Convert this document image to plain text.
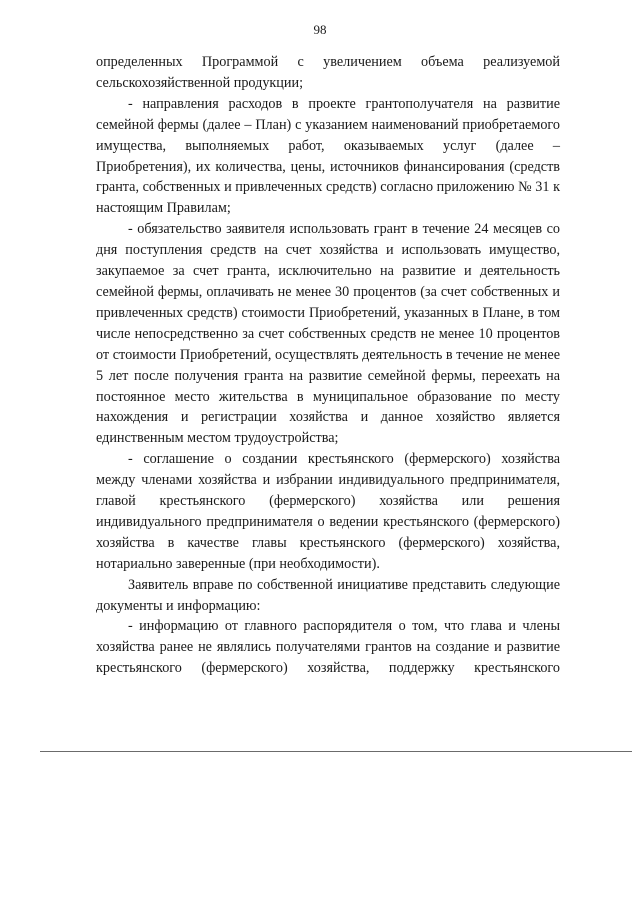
98

определенных Программой с увеличением объема реализуемой сельскохозяйственной продукции;

- направления расходов в проекте грантополучателя на развитие семейной фермы (далее – План) с указанием наименований приобретаемого имущества, выполняемых работ, оказываемых услуг (далее – Приобретения), их количества, цены, источников финансирования (средств гранта, собственных и привлеченных средств) согласно приложению № 31 к настоящим Правилам;

- обязательство заявителя использовать грант в течение 24 месяцев со дня поступления средств на счет хозяйства и использовать имущество, закупаемое за счет гранта, исключительно на развитие и деятельность семейной фермы, оплачивать не менее 30 процентов (за счет собственных и привлеченных средств) стоимости Приобретений, указанных в Плане, в том числе непосредственно за счет собственных средств не менее 10 процентов от стоимости Приобретений, осуществлять деятельность в течение не менее 5 лет после получения гранта на развитие семейной фермы, переехать на постоянное место жительства в муниципальное образование по месту нахождения и регистрации хозяйства и данное хозяйство является единственным местом трудоустройства;

- соглашение о создании крестьянского (фермерского) хозяйства между членами хозяйства и избрании индивидуального предпринимателя, главой крестьянского (фермерского) хозяйства или решения индивидуального предпринимателя о ведении крестьянского (фермерского) хозяйства в качестве главы крестьянского (фермерского) хозяйства, нотариально заверенные (при необходимости).

Заявитель вправе по собственной инициативе представить следующие документы и информацию:

- информацию от главного распорядителя о том, что глава и члены хозяйства ранее не являлись получателями грантов на создание и развитие крестьянского (фермерского) хозяйства, поддержку крестьянского
